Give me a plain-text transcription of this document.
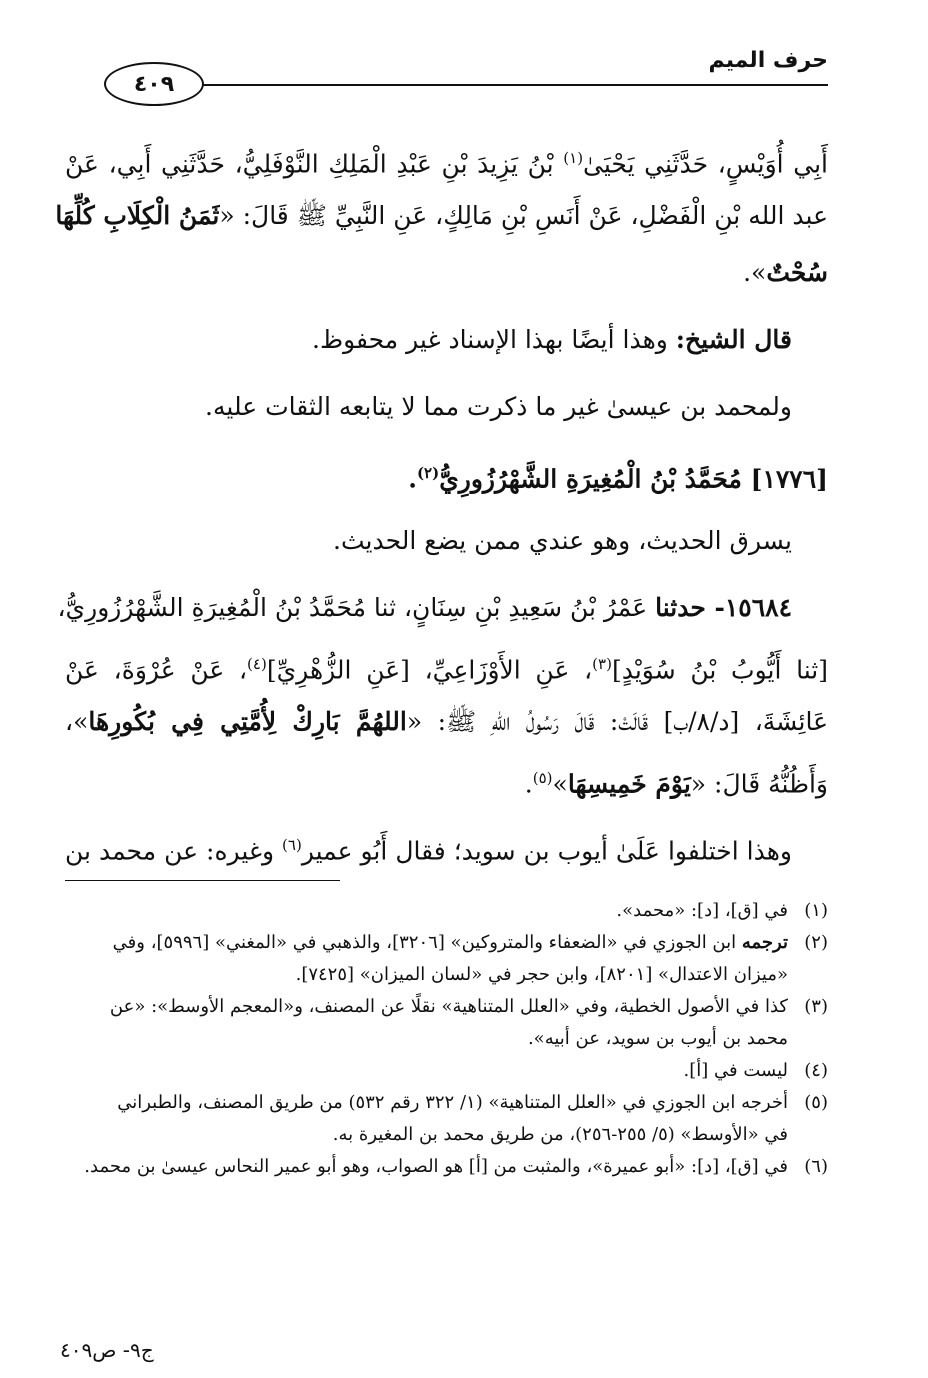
حرف الميم
٤٠٩
أَبِي أُوَيْسٍ، حَدَّثَنِي يَحْيَىٰ$^{(١)}$ بْنُ يَزِيدَ بْنِ عَبْدِ الْمَلِكِ النَّوْفَلِيُّ، حَدَّثَنِي أَبِي، عَنْ
عبد الله بْنِ الْفَضْلِ، عَنْ أَنَسِ بْنِ مَالِكٍ، عَنِ النَّبِيِّ ﷺ قَالَ: «ثَمَنُ الْكِلَابِ كُلِّهَا
سُحْتٌ».
قال الشيخ: وهذا أيضًا بهذا الإسناد غير محفوظ.
ولمحمد بن عيسىٰ غير ما ذكرت مما لا يتابعه الثقات عليه.
[١٧٧٦] مُحَمَّدُ بْنُ الْمُغِيرَةِ الشَّهْرُزُورِيُّ$^{(٢)}$.
يسرق الحديث، وهو عندي ممن يضع الحديث.
١٥٦٨٤- حدثنا عَمْرُ بْنُ سَعِيدِ بْنِ سِنَانٍ، ثنا مُحَمَّدُ بْنُ الْمُغِيرَةِ الشَّهْرُزُورِيُّ،
[ثنا أَيُّوبُ بْنُ سُوَيْدٍ]$^{(٣)}$، عَنِ الأَوْزَاعِيِّ، [عَنِ الزُّهْرِيِّ]$^{(٤)}$، عَنْ عُرْوَةَ، عَنْ
عَائِشَةَ، [د/٨/ب] قَالَتْ: قَالَ رَسُولُ اللهِ ﷺ: «اللهُمَّ بَارِكْ لِأُمَّتِي فِي بُكُورِهَا»،
وَأَظُنُّهُ قَالَ: «يَوْمَ خَمِيسِهَا»$^{(٥)}$.
وهذا اختلفوا عَلَىٰ أيوب بن سويد؛ فقال أَبُو عمير$^{(٦)}$ وغيره: عن محمد بن
(١)
في [ق]، [د]: «محمد».
(٢)
ترجمه ابن الجوزي في «الضعفاء والمتروكين» [٣٢٠٦]، والذهبي في «المغني» [٥٩٩٦]، وفي
«ميزان الاعتدال» [٨٢٠١]، وابن حجر في «لسان الميزان» [٧٤٢٥].
(٣)
كذا في الأصول الخطية، وفي «العلل المتناهية» نقلًا عن المصنف، و«المعجم الأوسط»: «عن
محمد بن أيوب بن سويد، عن أبيه».
(٤)
ليست في [أ].
(٥)
أخرجه ابن الجوزي في «العلل المتناهية» (١/ ٣٢٢ رقم ٥٣٢) من طريق المصنف، والطبراني
في «الأوسط» (٥/ ٢٥٥-٢٥٦)، من طريق محمد بن المغيرة به.
(٦)
في [ق]، [د]: «أبو عميرة»، والمثبت من [أ] هو الصواب، وهو أبو عمير النحاس عيسىٰ بن محمد.
ج٩- ص٤٠٩
